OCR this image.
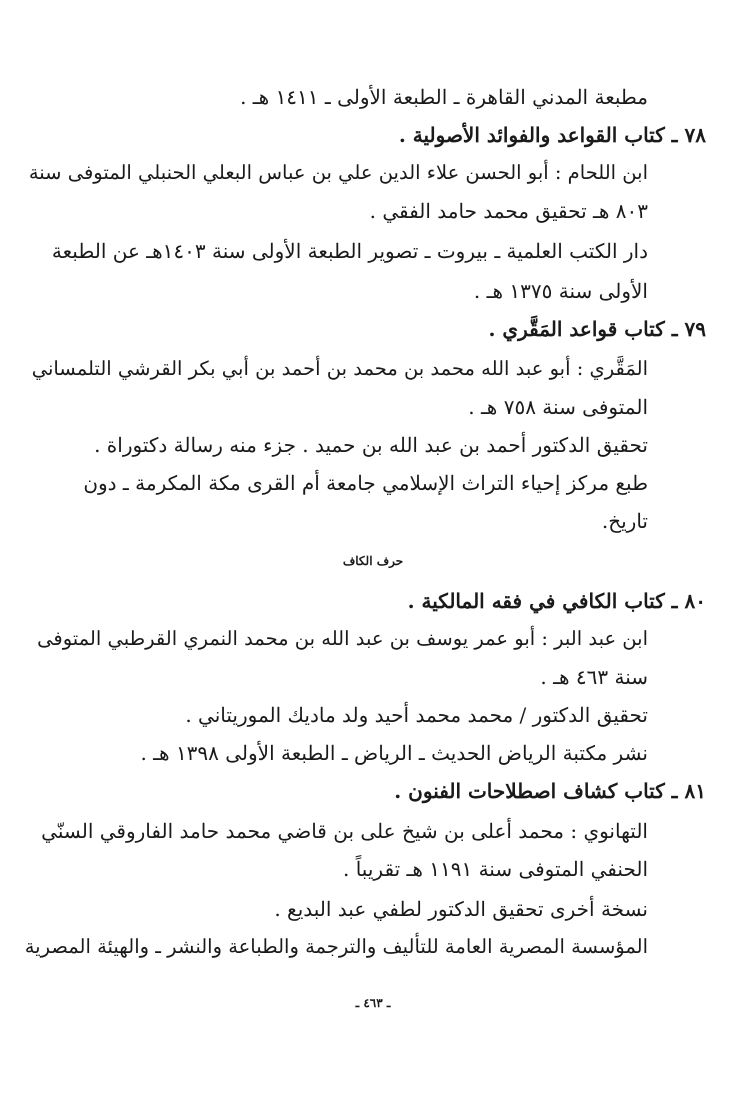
مطبعة المدني القاهرة ـ الطبعة الأولى ـ ١٤١١ هـ .
٧٨ ـ كتاب القواعد والفوائد الأصولية .
ابن اللحام : أبو الحسن علاء الدين علي بن عباس البعلي الحنبلي المتوفى سنة
٨٠٣ هـ تحقيق محمد حامد الفقي .
دار الكتب العلمية ـ بيروت ـ تصوير الطبعة الأولى سنة ١٤٠٣هـ عن الطبعة
الأولى سنة ١٣٧٥ هـ .
٧٩ ـ كتاب قواعد المَقَّري .
المَقَّري : أبو عبد الله محمد بن محمد بن أحمد بن أبي بكر القرشي التلمساني
المتوفى سنة ٧٥٨ هـ .
تحقيق الدكتور أحمد بن عبد الله بن حميد . جزء منه رسالة دكتوراة .
طبع مركز إحياء التراث الإسلامي جامعة أم القرى مكة المكرمة ـ دون
تاريخ.
حرف الكاف
٨٠ ـ كتاب الكافي في فقه المالكية .
ابن عبد البر : أبو عمر يوسف بن عبد الله بن محمد النمري القرطبي المتوفى
سنة ٤٦٣ هـ .
تحقيق الدكتور / محمد محمد أحيد ولد ماديك الموريتاني .
نشر مكتبة الرياض الحديث ـ الرياض ـ الطبعة الأولى ١٣٩٨ هـ .
٨١ ـ كتاب كشاف اصطلاحات الفنون .
التهانوي : محمد أعلى بن شيخ على بن قاضي محمد حامد الفاروقي السنّي
الحنفي المتوفى سنة ١١٩١ هـ تقريباً .
نسخة أخرى تحقيق الدكتور لطفي عبد البديع .
المؤسسة المصرية العامة للتأليف والترجمة والطباعة والنشر ـ والهيئة المصرية
ـ ٤٦٣ ـ
